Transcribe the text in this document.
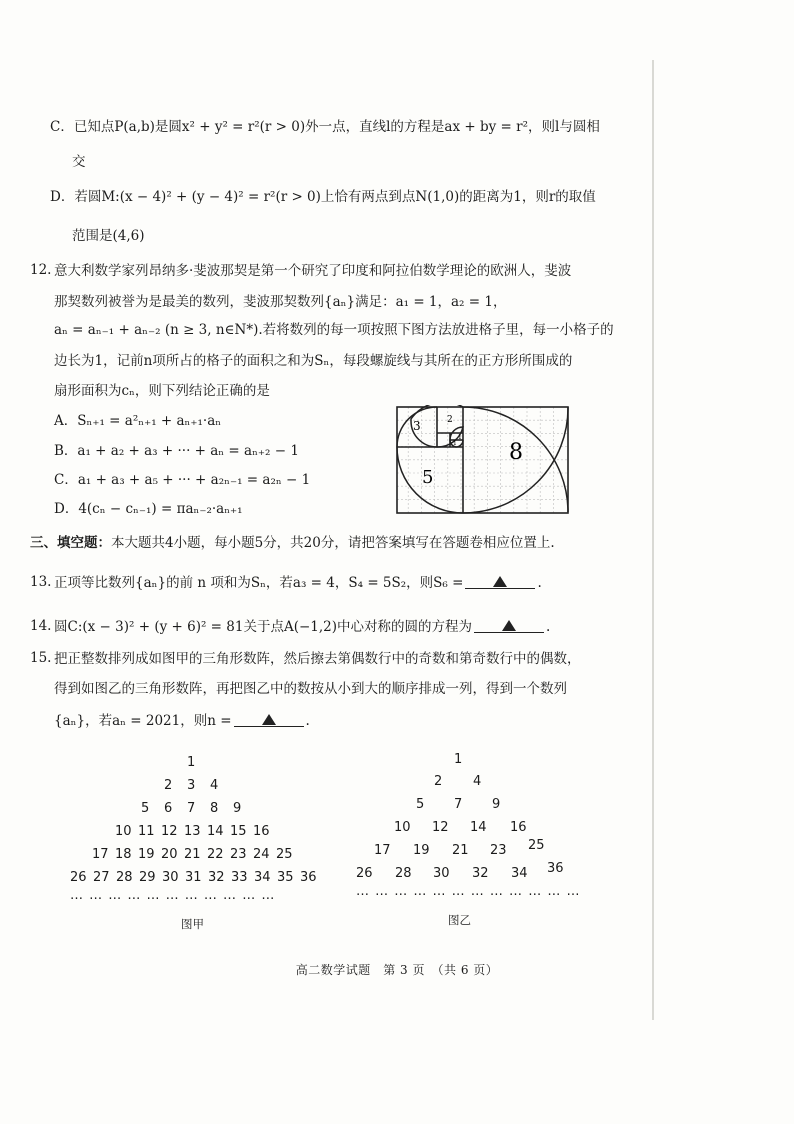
C．已知点P(a,b)是圆x² + y² = r²(r > 0)外一点，直线l的方程是ax + by = r²，则l与圆相
交
D．若圆M:(x − 4)² + (y − 4)² = r²(r > 0)上恰有两点到点N(1,0)的距离为1，则r的取值
范围是(4,6)
12. 意大利数学家列昂纳多·斐波那契是第一个研究了印度和阿拉伯数学理论的欧洲人，斐波
那契数列被誉为是最美的数列，斐波那契数列{aₙ}满足：a₁ = 1，a₂ = 1，
aₙ = aₙ₋₁ + aₙ₋₂ (n ≥ 3, n∈N*).若将数列的每一项按照下图方法放进格子里，每一小格子的
边长为1，记前n项所占的格子的面积之和为Sₙ，每段螺旋线与其所在的正方形所围成的
扇形面积为cₙ，则下列结论正确的是
A．Sₙ₊₁ = a²ₙ₊₁ + aₙ₊₁·aₙ
B．a₁ + a₂ + a₃ + ··· + aₙ = aₙ₊₂ − 1
C．a₁ + a₃ + a₅ + ··· + a₂ₙ₋₁ = a₂ₙ − 1
D．4(cₙ − cₙ₋₁) = πaₙ₋₂·aₙ₊₁
8
5
3	2
1
1
三、填空题：本大题共4小题，每小题5分，共20分，请把答案填写在答题卷相应位置上.
13. 正项等比数列{aₙ}的前 n 项和为Sₙ，若a₃ = 4，S₄ = 5S₂，则S₆ =	.
14. 圆C:(x − 3)² + (y + 6)² = 81关于点A(−1,2)中心对称的圆的方程为	.
15. 把正整数排列成如图甲的三角形数阵，然后擦去第偶数行中的奇数和第奇数行中的偶数，
得到如图乙的三角形数阵，再把图乙中的数按从小到大的顺序排成一列，得到一个数列
{aₙ}，若aₙ = 2021，则n =	.
1
2 3 4
5 6 7 8 9
10 11 12 13 14 15 16
17 18 19 20 21 22 23 24 25
26 27 28 29 30 31 32 33 34 35 36
… … … … … … … … … … …
图甲
1
2 4
5 7 9
10 12 14 16
17 19 21 23 25
26 28 30 32 34 36
… … … … … … … … … … … …
图乙
高二数学试题　第 3 页　（共 6 页）
